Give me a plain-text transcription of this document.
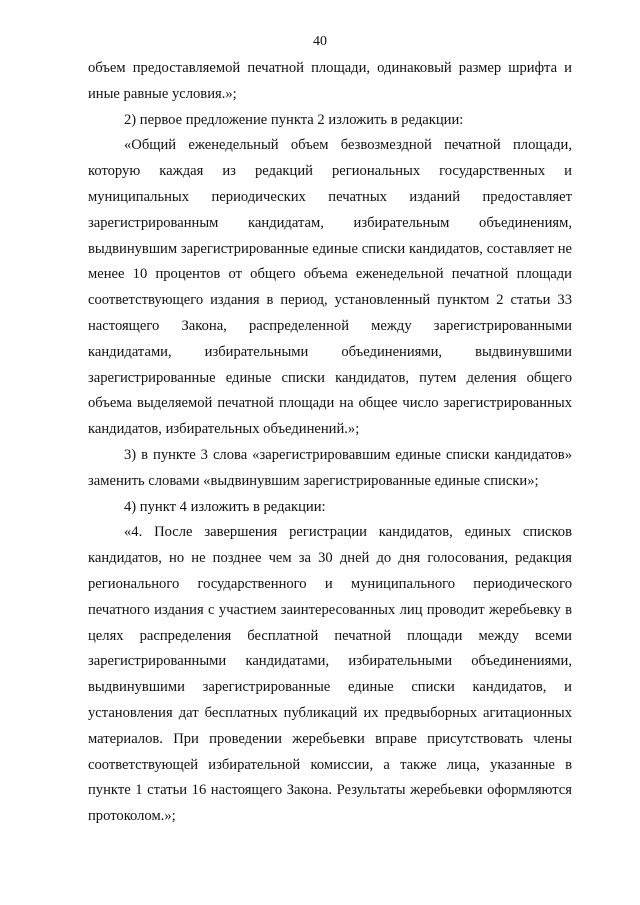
40

объем предоставляемой печатной площади, одинаковый размер шрифта и иные равные условия.»;

2) первое предложение пункта 2 изложить в редакции:

«Общий еженедельный объем безвозмездной печатной площади, которую каждая из редакций региональных государственных и муниципальных периодических печатных изданий предоставляет зарегистрированным кандидатам, избирательным объединениям, выдвинувшим зарегистрированные единые списки кандидатов, составляет не менее 10 процентов от общего объема еженедельной печатной площади соответствующего издания в период, установленный пунктом 2 статьи 33 настоящего Закона, распределенной между зарегистрированными кандидатами, избирательными объединениями, выдвинувшими зарегистрированные единые списки кандидатов, путем деления общего объема выделяемой печатной площади на общее число зарегистрированных кандидатов, избирательных объединений.»;

3) в пункте 3 слова «зарегистрировавшим единые списки кандидатов» заменить словами «выдвинувшим зарегистрированные единые списки»;

4) пункт 4 изложить в редакции:

«4. После завершения регистрации кандидатов, единых списков кандидатов, но не позднее чем за 30 дней до дня голосования, редакция регионального государственного и муниципального периодического печатного издания с участием заинтересованных лиц проводит жеребьевку в целях распределения бесплатной печатной площади между всеми зарегистрированными кандидатами, избирательными объединениями, выдвинувшими зарегистрированные единые списки кандидатов, и установления дат бесплатных публикаций их предвыборных агитационных материалов. При проведении жеребьевки вправе присутствовать члены соответствующей избирательной комиссии, а также лица, указанные в пункте 1 статьи 16 настоящего Закона. Результаты жеребьевки оформляются протоколом.»;
